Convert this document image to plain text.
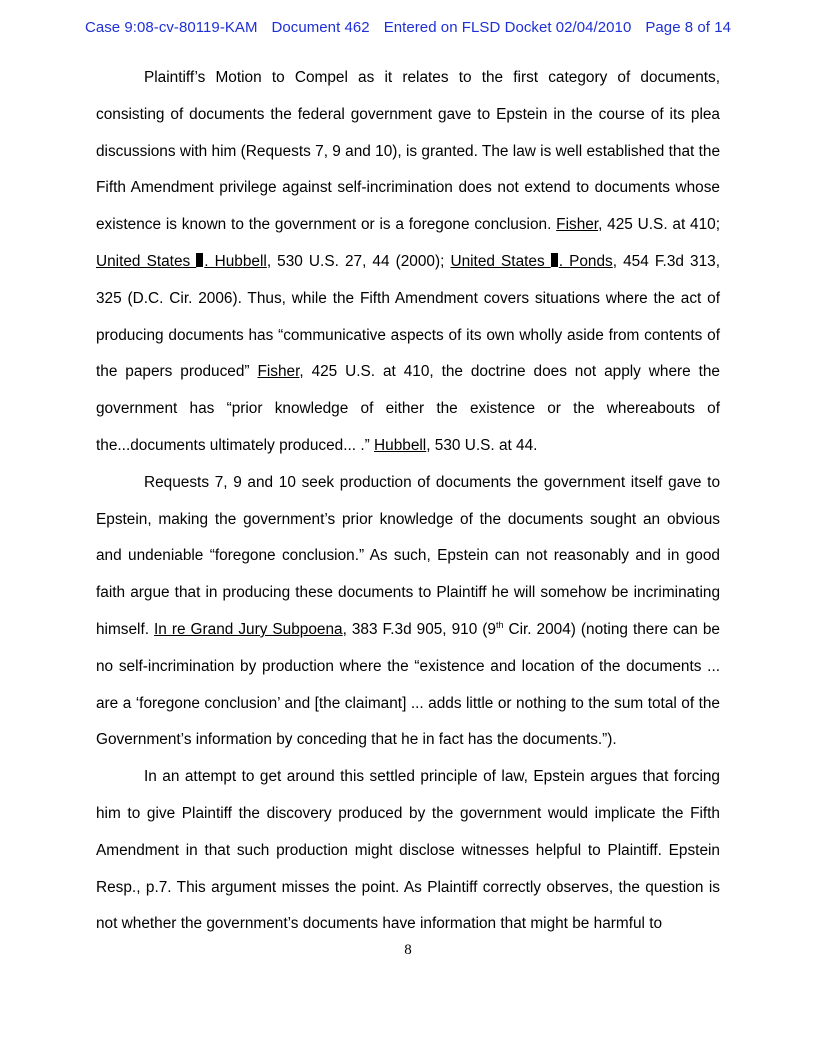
Case 9:08-cv-80119-KAM Document 462 Entered on FLSD Docket 02/04/2010 Page 8 of 14

Plaintiff’s Motion to Compel as it relates to the first category of documents, consisting of documents the federal government gave to Epstein in the course of its plea discussions with him (Requests 7, 9 and 10), is granted. The law is well established that the Fifth Amendment privilege against self-incrimination does not extend to documents whose existence is known to the government or is a foregone conclusion. Fisher, 425 U.S. at 410; United States . Hubbell, 530 U.S. 27, 44 (2000); United States . Ponds, 454 F.3d 313, 325 (D.C. Cir. 2006). Thus, while the Fifth Amendment covers situations where the act of producing documents has “communicative aspects of its own wholly aside from contents of the papers produced” Fisher, 425 U.S. at 410, the doctrine does not apply where the government has “prior knowledge of either the existence or the whereabouts of the...documents ultimately produced... .” Hubbell, 530 U.S. at 44.

Requests 7, 9 and 10 seek production of documents the government itself gave to Epstein, making the government’s prior knowledge of the documents sought an obvious and undeniable “foregone conclusion.” As such, Epstein can not reasonably and in good faith argue that in producing these documents to Plaintiff he will somehow be incriminating himself. In re Grand Jury Subpoena, 383 F.3d 905, 910 (9th Cir. 2004) (noting there can be no self-incrimination by production where the “existence and location of the documents ... are a ‘foregone conclusion’ and [the claimant] ... adds little or nothing to the sum total of the Government’s information by conceding that he in fact has the documents.”).

In an attempt to get around this settled principle of law, Epstein argues that forcing him to give Plaintiff the discovery produced by the government would implicate the Fifth Amendment in that such production might disclose witnesses helpful to Plaintiff. Epstein Resp., p.7. This argument misses the point. As Plaintiff correctly observes, the question is not whether the government’s documents have information that might be harmful to

8
